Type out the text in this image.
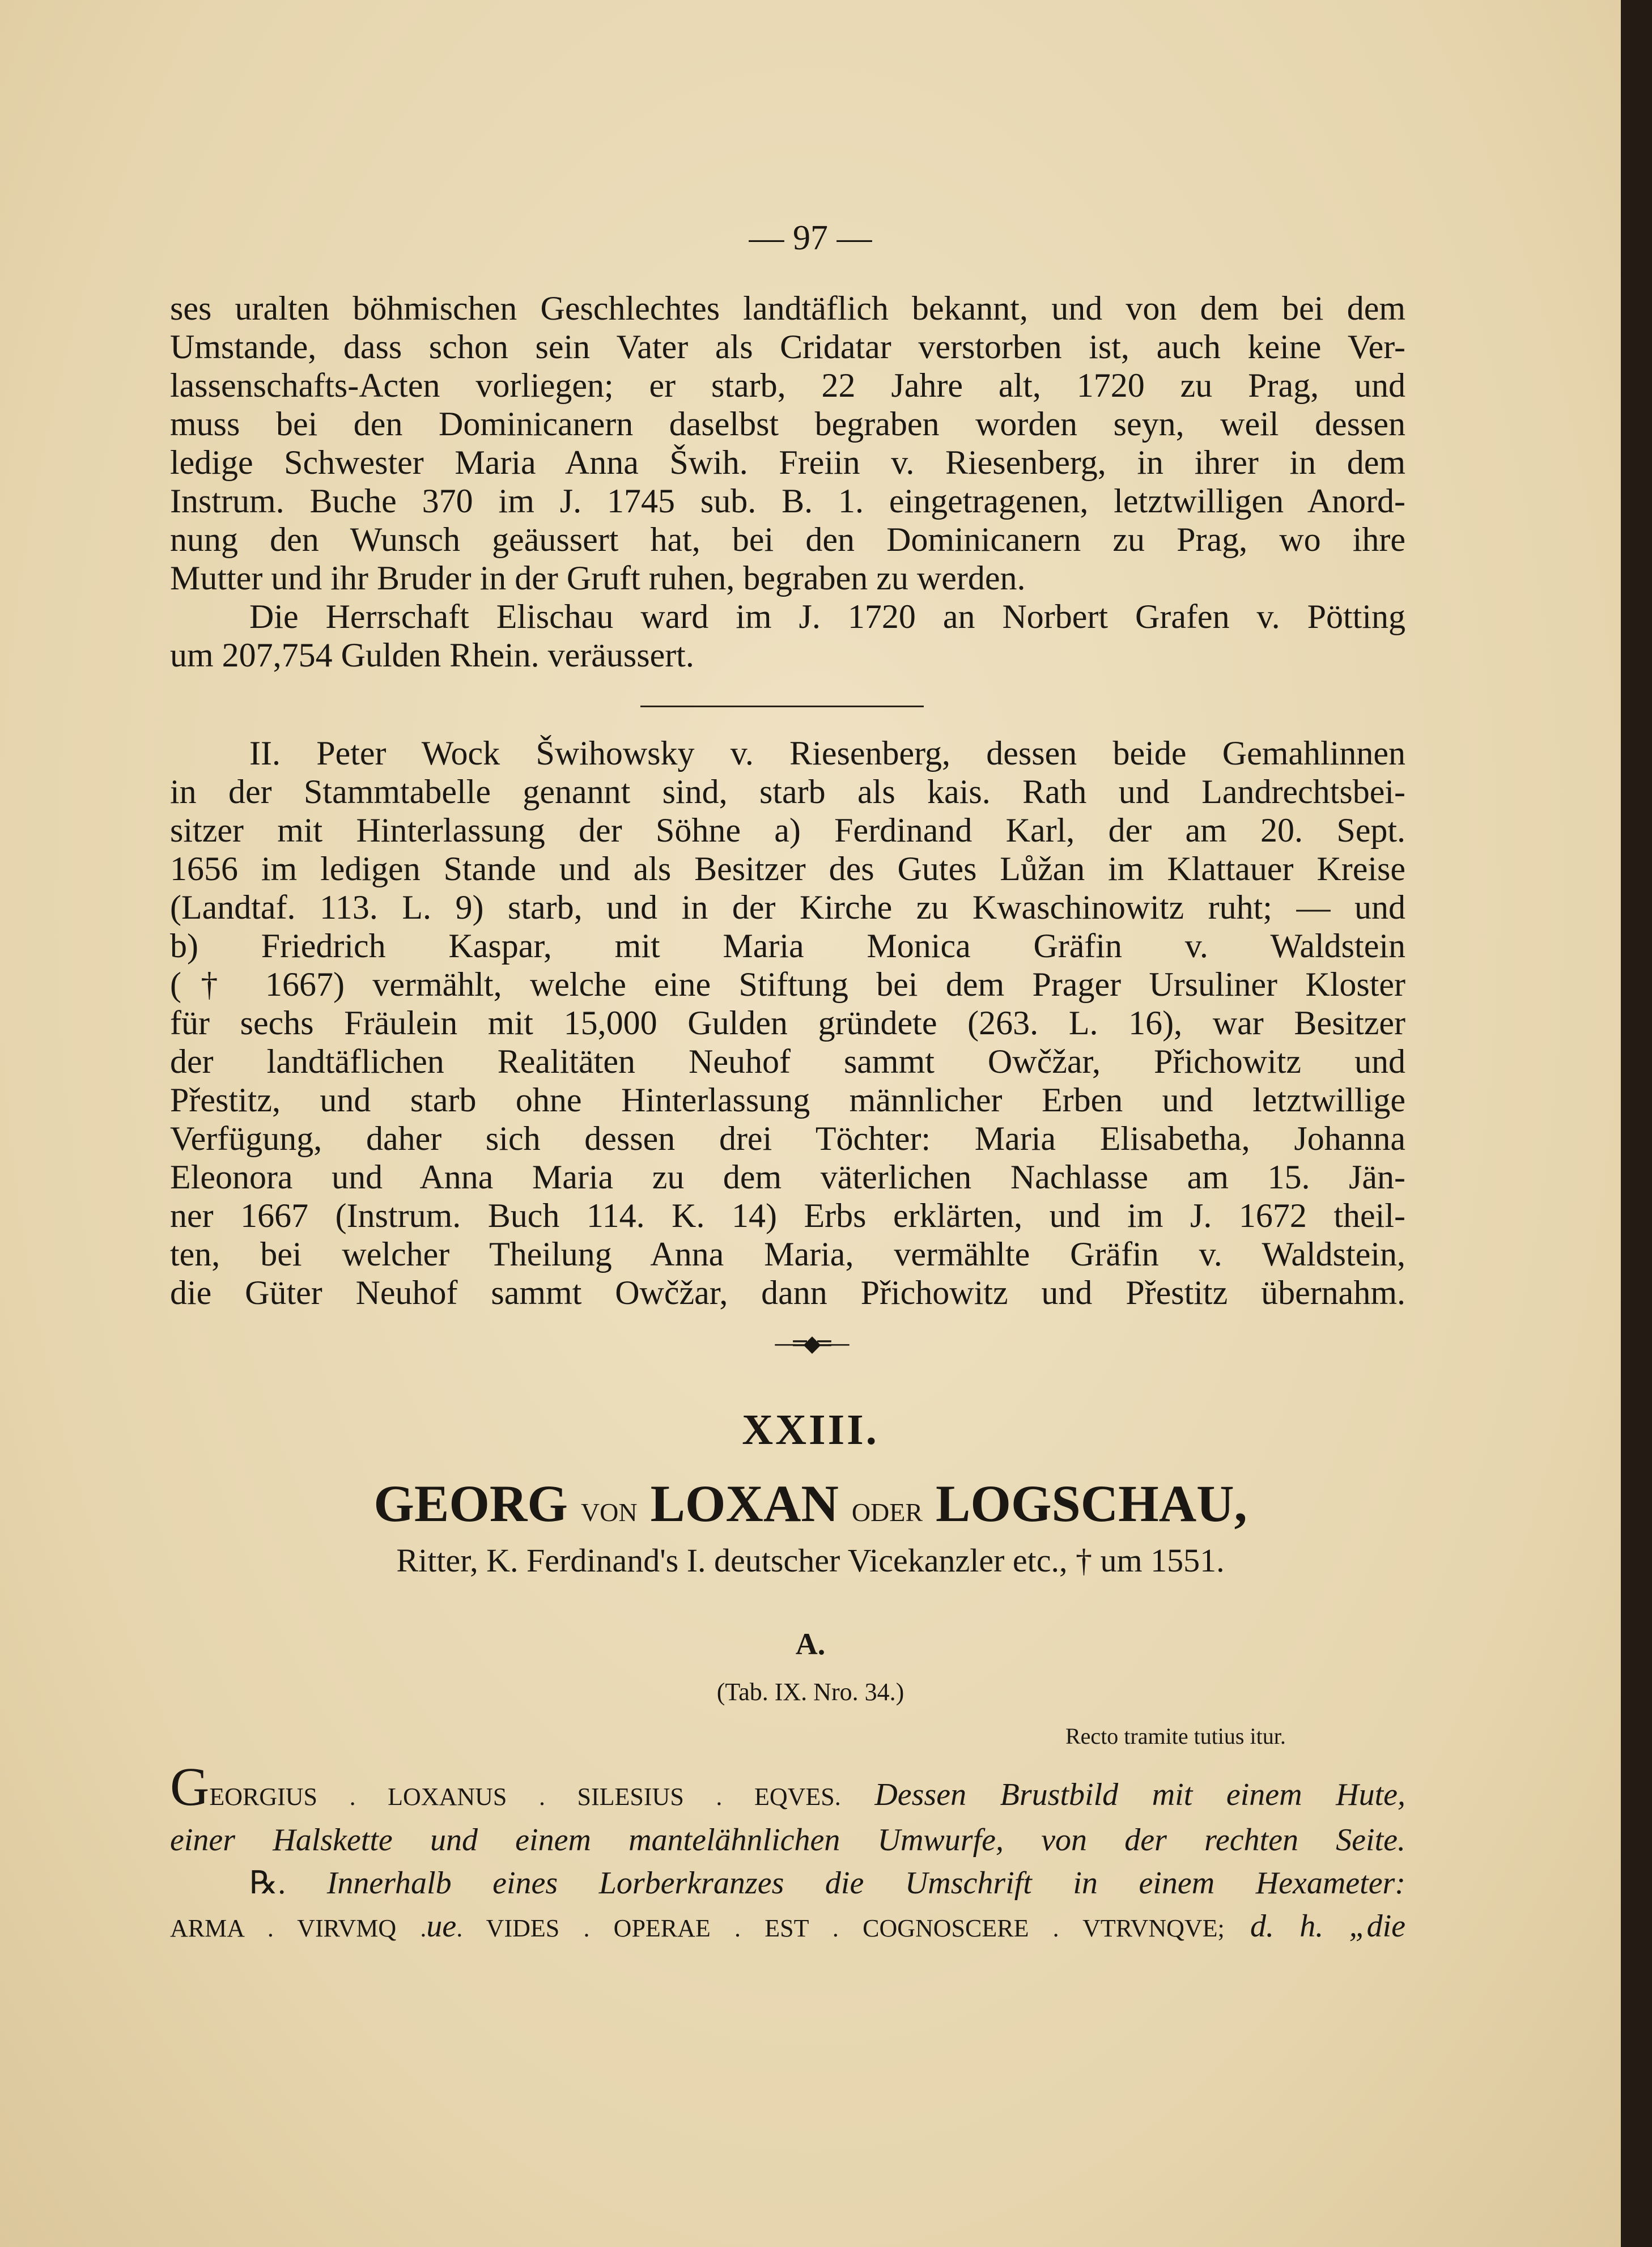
— 97 —

ses uralten böhmischen Geschlechtes landtäflich bekannt, und von dem bei dem
Umstande, dass schon sein Vater als Cridatar verstorben ist, auch keine Ver-
lassenschafts-Acten vorliegen; er starb, 22 Jahre alt, 1720 zu Prag, und
muss bei den Dominicanern daselbst begraben worden seyn, weil dessen
ledige Schwester Maria Anna Šwih. Freiin v. Riesenberg, in ihrer in dem
Instrum. Buche 370 im J. 1745 sub. B. 1. eingetragenen, letztwilligen Anord-
nung den Wunsch geäussert hat, bei den Dominicanern zu Prag, wo ihre
Mutter und ihr Bruder in der Gruft ruhen, begraben zu werden.

Die Herrschaft Elischau ward im J. 1720 an Norbert Grafen v. Pötting
um 207,754 Gulden Rhein. veräussert.

II. Peter Wock Šwihowsky v. Riesenberg, dessen beide Gemahlinnen
in der Stammtabelle genannt sind, starb als kais. Rath und Landrechtsbei-
sitzer mit Hinterlassung der Söhne a) Ferdinand Karl, der am 20. Sept.
1656 im ledigen Stande und als Besitzer des Gutes Lůžan im Klattauer Kreise
(Landtaf. 113. L. 9) starb, und in der Kirche zu Kwaschinowitz ruht; — und
b) Friedrich Kaspar, mit Maria Monica Gräfin v. Waldstein
(† 1667) vermählt, welche eine Stiftung bei dem Prager Ursuliner Kloster
für sechs Fräulein mit 15,000 Gulden gründete (263. L. 16), war Besitzer
der landtäflichen Realitäten Neuhof sammt Owčžar, Přichowitz und
Přestitz, und starb ohne Hinterlassung männlicher Erben und letztwillige
Verfügung, daher sich dessen drei Töchter: Maria Elisabetha, Johanna
Eleonora und Anna Maria zu dem väterlichen Nachlasse am 15. Jän-
ner 1667 (Instrum. Buch 114. K. 14) Erbs erklärten, und im J. 1672 theil-
ten, bei welcher Theilung Anna Maria, vermählte Gräfin v. Waldstein,
die Güter Neuhof sammt Owčžar, dann Přichowitz und Přestitz übernahm.

—═◆═—
XXIII.
GEORG VON LOXAN ODER LOGSCHAU,
Ritter, K. Ferdinand's I. deutscher Vicekanzler etc., † um 1551.
A.
(Tab. IX. Nro. 34.)
Recto tramite tutius itur.
GEORGIUS . LOXANUS . SILESIUS . EQVES. Dessen Brustbild mit einem Hute,
einer Halskette und einem mantelähnlichen Umwurfe, von der rechten Seite.
℞. Innerhalb eines Lorberkranzes die Umschrift in einem Hexameter:
ARMA . VIRVMQ .ue. VIDES . OPERAE . EST . COGNOSCERE . VTRVNQVE; d. h. „die
